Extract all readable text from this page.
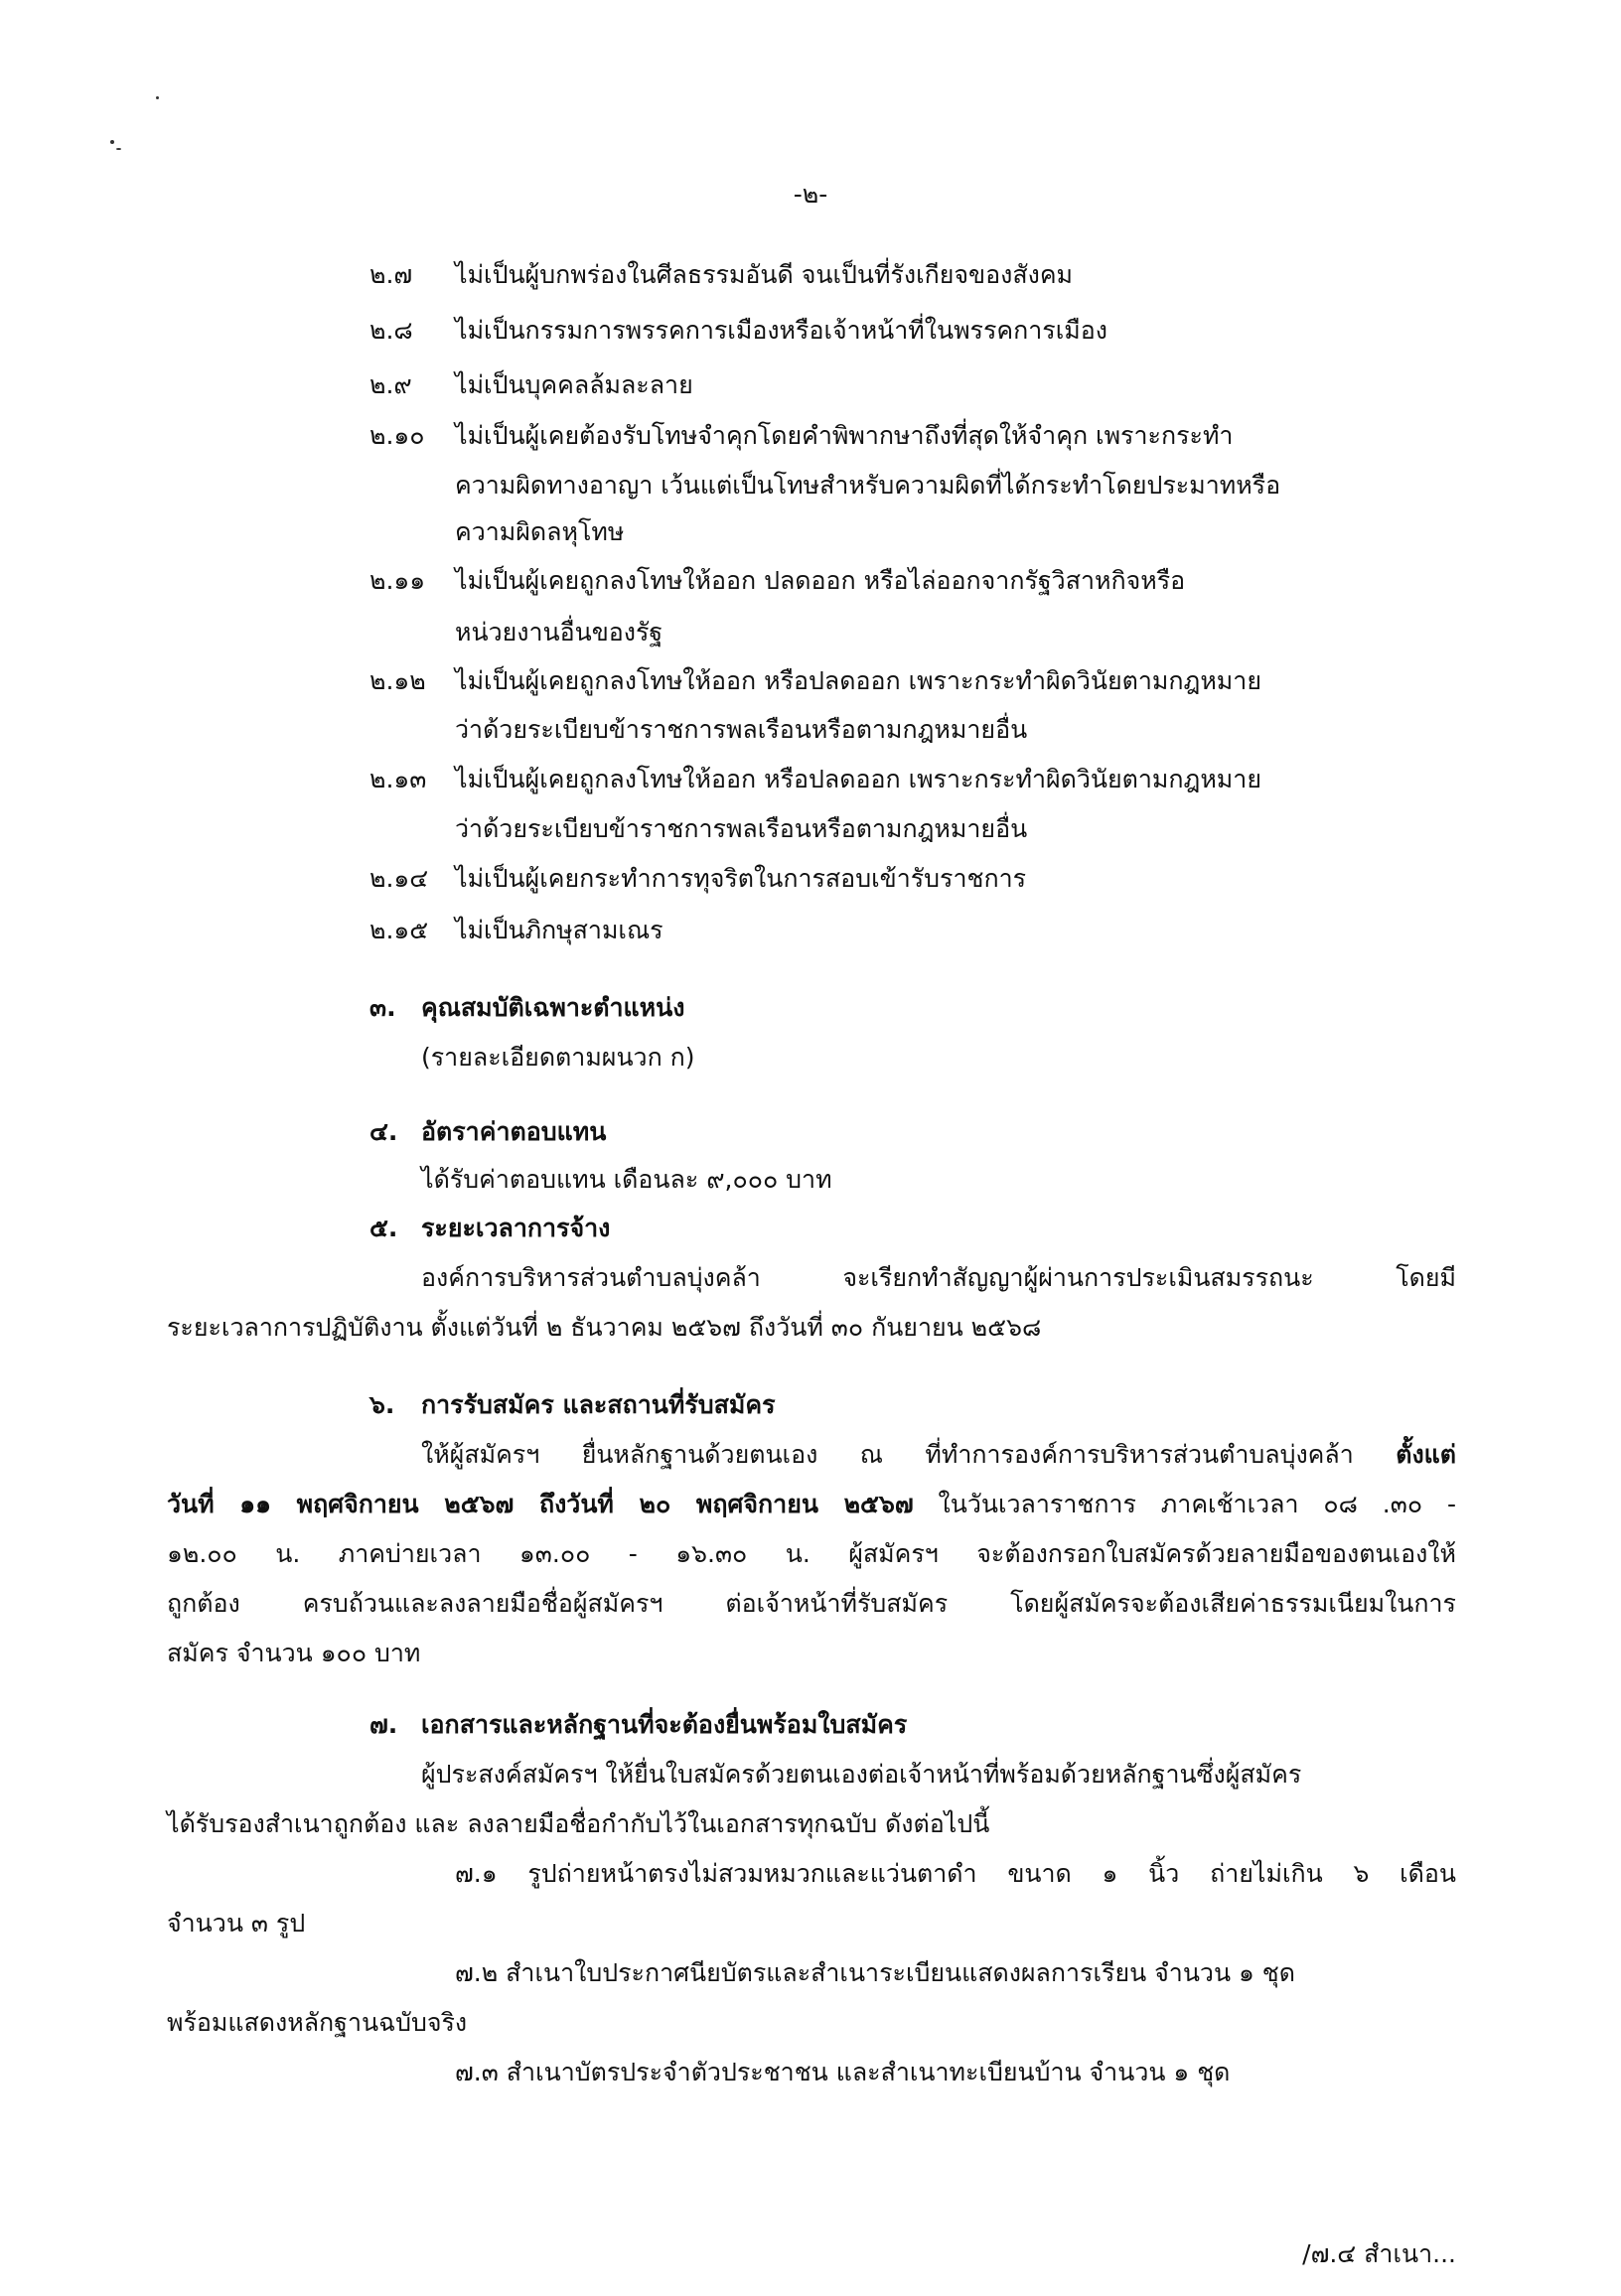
-๒-
๒.๗ ไม่เป็นผู้บกพร่องในศีลธรรมอันดี จนเป็นที่รังเกียจของสังคม
๒.๘ ไม่เป็นกรรมการพรรคการเมืองหรือเจ้าหน้าที่ในพรรคการเมือง
๒.๙ ไม่เป็นบุคคลล้มละลาย
๒.๑๐ ไม่เป็นผู้เคยต้องรับโทษจำคุกโดยคำพิพากษาถึงที่สุดให้จำคุก เพราะกระทำ
ความผิดทางอาญา เว้นแต่เป็นโทษสำหรับความผิดที่ได้กระทำโดยประมาทหรือ
ความผิดลหุโทษ
๒.๑๑ ไม่เป็นผู้เคยถูกลงโทษให้ออก ปลดออก หรือไล่ออกจากรัฐวิสาหกิจหรือ
หน่วยงานอื่นของรัฐ
๒.๑๒ ไม่เป็นผู้เคยถูกลงโทษให้ออก หรือปลดออก เพราะกระทำผิดวินัยตามกฎหมาย
ว่าด้วยระเบียบข้าราชการพลเรือนหรือตามกฎหมายอื่น
๒.๑๓ ไม่เป็นผู้เคยถูกลงโทษให้ออก หรือปลดออก เพราะกระทำผิดวินัยตามกฎหมาย
ว่าด้วยระเบียบข้าราชการพลเรือนหรือตามกฎหมายอื่น
๒.๑๔ ไม่เป็นผู้เคยกระทำการทุจริตในการสอบเข้ารับราชการ
๒.๑๕ ไม่เป็นภิกษุสามเณร
๓. คุณสมบัติเฉพาะตำแหน่ง
(รายละเอียดตามผนวก ก)
๔. อัตราค่าตอบแทน
ได้รับค่าตอบแทน เดือนละ ๙,๐๐๐ บาท
๕. ระยะเวลาการจ้าง
องค์การบริหารส่วนตำบลบุ่งคล้า จะเรียกทำสัญญาผู้ผ่านการประเมินสมรรถนะ โดยมี
ระยะเวลาการปฏิบัติงาน ตั้งแต่วันที่ ๒ ธันวาคม ๒๕๖๗ ถึงวันที่ ๓๐ กันยายน ๒๕๖๘
๖. การรับสมัคร และสถานที่รับสมัคร
ให้ผู้สมัครฯ ยื่นหลักฐานด้วยตนเอง ณ ที่ทำการองค์การบริหารส่วนตำบลบุ่งคล้า ตั้งแต่
วันที่ ๑๑ พฤศจิกายน ๒๕๖๗ ถึงวันที่ ๒๐ พฤศจิกายน ๒๕๖๗ ในวันเวลาราชการ ภาคเช้าเวลา ๐๘ .๓๐ -
๑๒.๐๐ น. ภาคบ่ายเวลา ๑๓.๐๐ - ๑๖.๓๐ น. ผู้สมัครฯ จะต้องกรอกใบสมัครด้วยลายมือของตนเองให้
ถูกต้อง ครบถ้วนและลงลายมือชื่อผู้สมัครฯ ต่อเจ้าหน้าที่รับสมัคร โดยผู้สมัครจะต้องเสียค่าธรรมเนียมในการ
สมัคร จำนวน ๑๐๐ บาท
๗. เอกสารและหลักฐานที่จะต้องยื่นพร้อมใบสมัคร
ผู้ประสงค์สมัครฯ ให้ยื่นใบสมัครด้วยตนเองต่อเจ้าหน้าที่พร้อมด้วยหลักฐานซึ่งผู้สมัคร
ได้รับรองสำเนาถูกต้อง และ ลงลายมือชื่อกำกับไว้ในเอกสารทุกฉบับ ดังต่อไปนี้
๗.๑ รูปถ่ายหน้าตรงไม่สวมหมวกและแว่นตาดำ ขนาด ๑ นิ้ว ถ่ายไม่เกิน ๖ เดือน
จำนวน ๓ รูป
๗.๒ สำเนาใบประกาศนียบัตรและสำเนาระเบียนแสดงผลการเรียน จำนวน ๑ ชุด
พร้อมแสดงหลักฐานฉบับจริง
๗.๓ สำเนาบัตรประจำตัวประชาชน และสำเนาทะเบียนบ้าน จำนวน ๑ ชุด
/๗.๔ สำเนา...
